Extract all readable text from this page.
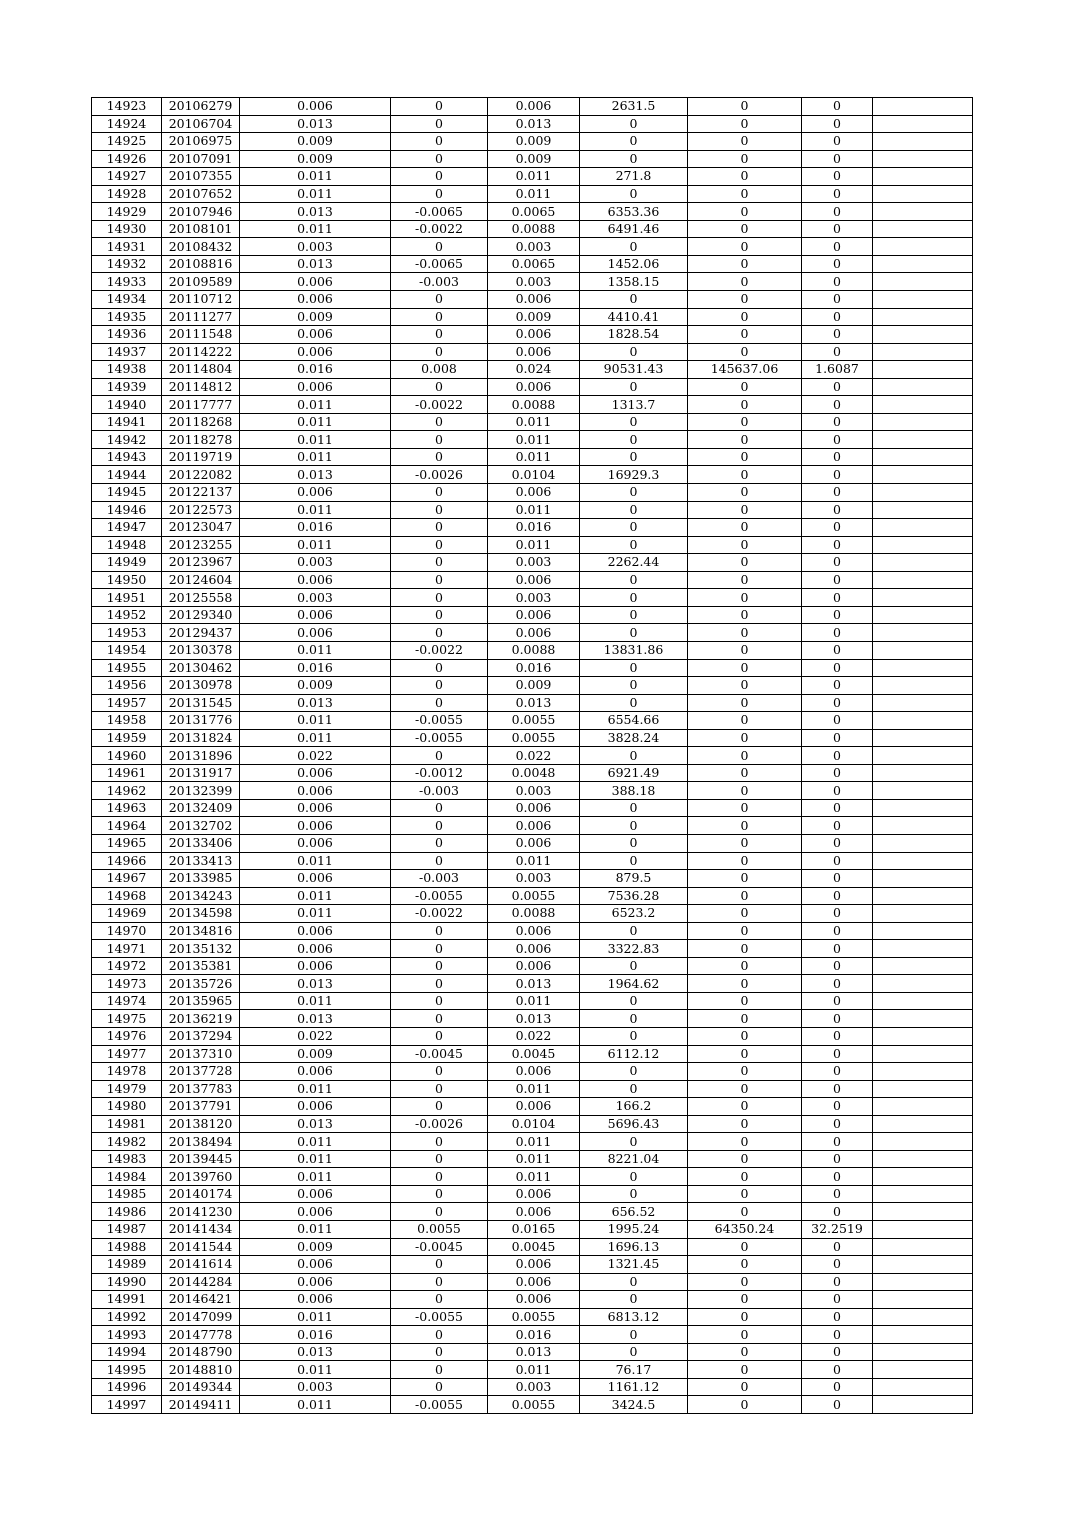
14923	20106279	0.006	0	0.006	2631.5	0	0	
14924	20106704	0.013	0	0.013	0	0	0	
14925	20106975	0.009	0	0.009	0	0	0	
14926	20107091	0.009	0	0.009	0	0	0	
14927	20107355	0.011	0	0.011	271.8	0	0	
14928	20107652	0.011	0	0.011	0	0	0	
14929	20107946	0.013	-0.0065	0.0065	6353.36	0	0	
14930	20108101	0.011	-0.0022	0.0088	6491.46	0	0	
14931	20108432	0.003	0	0.003	0	0	0	
14932	20108816	0.013	-0.0065	0.0065	1452.06	0	0	
14933	20109589	0.006	-0.003	0.003	1358.15	0	0	
14934	20110712	0.006	0	0.006	0	0	0	
14935	20111277	0.009	0	0.009	4410.41	0	0	
14936	20111548	0.006	0	0.006	1828.54	0	0	
14937	20114222	0.006	0	0.006	0	0	0	
14938	20114804	0.016	0.008	0.024	90531.43	145637.06	1.6087	
14939	20114812	0.006	0	0.006	0	0	0	
14940	20117777	0.011	-0.0022	0.0088	1313.7	0	0	
14941	20118268	0.011	0	0.011	0	0	0	
14942	20118278	0.011	0	0.011	0	0	0	
14943	20119719	0.011	0	0.011	0	0	0	
14944	20122082	0.013	-0.0026	0.0104	16929.3	0	0	
14945	20122137	0.006	0	0.006	0	0	0	
14946	20122573	0.011	0	0.011	0	0	0	
14947	20123047	0.016	0	0.016	0	0	0	
14948	20123255	0.011	0	0.011	0	0	0	
14949	20123967	0.003	0	0.003	2262.44	0	0	
14950	20124604	0.006	0	0.006	0	0	0	
14951	20125558	0.003	0	0.003	0	0	0	
14952	20129340	0.006	0	0.006	0	0	0	
14953	20129437	0.006	0	0.006	0	0	0	
14954	20130378	0.011	-0.0022	0.0088	13831.86	0	0	
14955	20130462	0.016	0	0.016	0	0	0	
14956	20130978	0.009	0	0.009	0	0	0	
14957	20131545	0.013	0	0.013	0	0	0	
14958	20131776	0.011	-0.0055	0.0055	6554.66	0	0	
14959	20131824	0.011	-0.0055	0.0055	3828.24	0	0	
14960	20131896	0.022	0	0.022	0	0	0	
14961	20131917	0.006	-0.0012	0.0048	6921.49	0	0	
14962	20132399	0.006	-0.003	0.003	388.18	0	0	
14963	20132409	0.006	0	0.006	0	0	0	
14964	20132702	0.006	0	0.006	0	0	0	
14965	20133406	0.006	0	0.006	0	0	0	
14966	20133413	0.011	0	0.011	0	0	0	
14967	20133985	0.006	-0.003	0.003	879.5	0	0	
14968	20134243	0.011	-0.0055	0.0055	7536.28	0	0	
14969	20134598	0.011	-0.0022	0.0088	6523.2	0	0	
14970	20134816	0.006	0	0.006	0	0	0	
14971	20135132	0.006	0	0.006	3322.83	0	0	
14972	20135381	0.006	0	0.006	0	0	0	
14973	20135726	0.013	0	0.013	1964.62	0	0	
14974	20135965	0.011	0	0.011	0	0	0	
14975	20136219	0.013	0	0.013	0	0	0	
14976	20137294	0.022	0	0.022	0	0	0	
14977	20137310	0.009	-0.0045	0.0045	6112.12	0	0	
14978	20137728	0.006	0	0.006	0	0	0	
14979	20137783	0.011	0	0.011	0	0	0	
14980	20137791	0.006	0	0.006	166.2	0	0	
14981	20138120	0.013	-0.0026	0.0104	5696.43	0	0	
14982	20138494	0.011	0	0.011	0	0	0	
14983	20139445	0.011	0	0.011	8221.04	0	0	
14984	20139760	0.011	0	0.011	0	0	0	
14985	20140174	0.006	0	0.006	0	0	0	
14986	20141230	0.006	0	0.006	656.52	0	0	
14987	20141434	0.011	0.0055	0.0165	1995.24	64350.24	32.2519	
14988	20141544	0.009	-0.0045	0.0045	1696.13	0	0	
14989	20141614	0.006	0	0.006	1321.45	0	0	
14990	20144284	0.006	0	0.006	0	0	0	
14991	20146421	0.006	0	0.006	0	0	0	
14992	20147099	0.011	-0.0055	0.0055	6813.12	0	0	
14993	20147778	0.016	0	0.016	0	0	0	
14994	20148790	0.013	0	0.013	0	0	0	
14995	20148810	0.011	0	0.011	76.17	0	0	
14996	20149344	0.003	0	0.003	1161.12	0	0	
14997	20149411	0.011	-0.0055	0.0055	3424.5	0	0	
